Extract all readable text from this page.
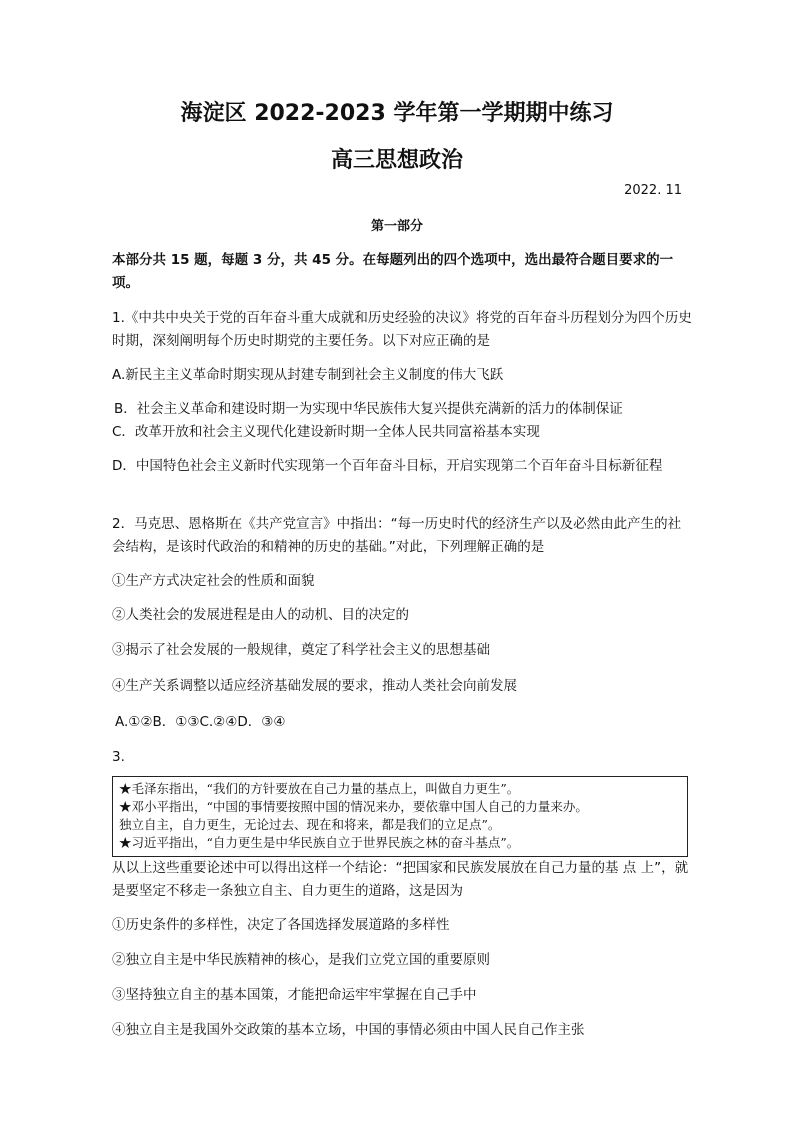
海淀区 2022-2023 学年第一学期期中练习
高三思想政治
2022. 11
第一部分
本部分共 15 题，每题 3 分，共 45 分。在每题列出的四个选项中，选出最符合题目要求的一项。
1.《中共中央关于党的百年奋斗重大成就和历史经验的决议》将党的百年奋斗历程划分为四个历史时期，深刻阐明每个历史时期党的主要任务。以下对应正确的是
A.新民主主义革命时期实现从封建专制到社会主义制度的伟大飞跃
B．社会主义革命和建设时期一为实现中华民族伟大复兴提供充满新的活力的体制保证
C．改革开放和社会主义现代化建设新时期一全体人民共同富裕基本实现
D．中国特色社会主义新时代实现第一个百年奋斗目标，开启实现第二个百年奋斗目标新征程
2．马克思、恩格斯在《共产党宣言》中指出：“每一历史时代的经济生产以及必然由此产生的社 会结构，是该时代政治的和精神的历史的基础。”对此，下列理解正确的是
①生产方式决定社会的性质和面貌
②人类社会的发展进程是由人的动机、目的决定的
③揭示了社会发展的一般规律，奠定了科学社会主义的思想基础
④生产关系调整以适应经济基础发展的要求，推动人类社会向前发展
A.①②B．①③C.②④D．③④
3.
★毛泽东指出，“我们的方针要放在自己力量的基点上，叫做自力更生”。
★邓小平指出，“中国的事情要按照中国的情况来办，要依靠中国人自己的力量来办。
独立自主，自力更生，无论过去、现在和将来，都是我们的立足点”。
★习近平指出，“自力更生是中华民族自立于世界民族之林的奋斗基点”。
从以上这些重要论述中可以得出这样一个结论：“把国家和民族发展放在自己力量的基 点 上”，就是要坚定不移走一条独立自主、自力更生的道路，这是因为
①历史条件的多样性，决定了各国选择发展道路的多样性
②独立自主是中华民族精神的核心，是我们立党立国的重要原则
③坚持独立自主的基本国策，才能把命运牢牢掌握在自己手中
④独立自主是我国外交政策的基本立场，中国的事情必须由中国人民自己作主张
